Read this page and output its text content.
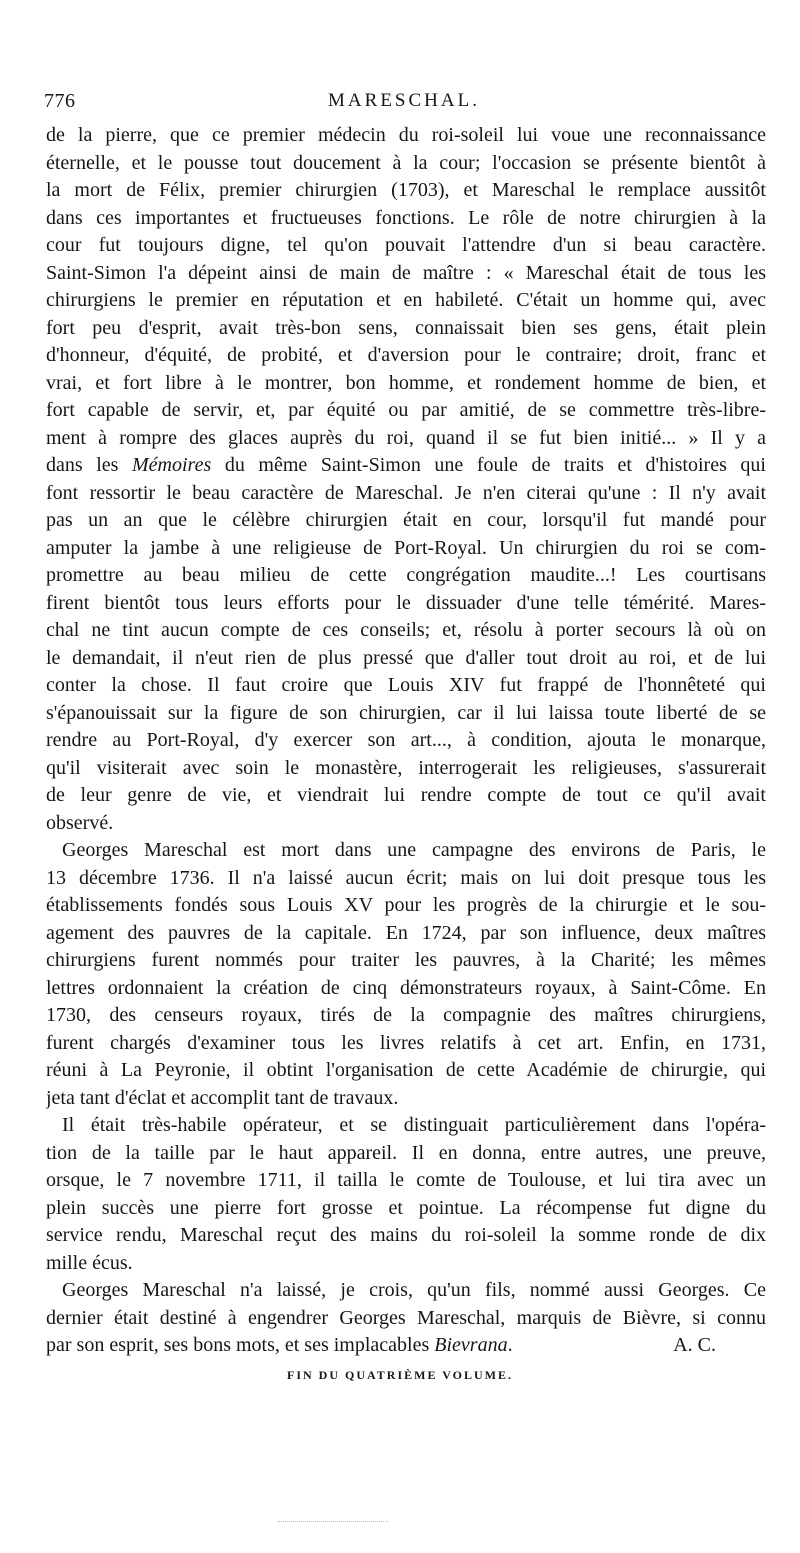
776	MARESCHAL.
de la pierre, que ce premier médecin du roi-soleil lui voue une reconnaissance
éternelle, et le pousse tout doucement à la cour; l'occasion se présente bientôt à
la mort de Félix, premier chirurgien (1703), et Mareschal le remplace aussitôt
dans ces importantes et fructueuses fonctions. Le rôle de notre chirurgien à la
cour fut toujours digne, tel qu'on pouvait l'attendre d'un si beau caractère.
Saint-Simon l'a dépeint ainsi de main de maître : « Mareschal était de tous les
chirurgiens le premier en réputation et en habileté. C'était un homme qui, avec
fort peu d'esprit, avait très-bon sens, connaissait bien ses gens, était plein
d'honneur, d'équité, de probité, et d'aversion pour le contraire; droit, franc et
vrai, et fort libre à le montrer, bon homme, et rondement homme de bien, et
fort capable de servir, et, par équité ou par amitié, de se commettre très-libre-
ment à rompre des glaces auprès du roi, quand il se fut bien initié... » Il y a
dans les Mémoires du même Saint-Simon une foule de traits et d'histoires qui
font ressortir le beau caractère de Mareschal. Je n'en citerai qu'une : Il n'y avait
pas un an que le célèbre chirurgien était en cour, lorsqu'il fut mandé pour
amputer la jambe à une religieuse de Port-Royal. Un chirurgien du roi se com-
promettre au beau milieu de cette congrégation maudite...! Les courtisans
firent bientôt tous leurs efforts pour le dissuader d'une telle témérité. Mares-
chal ne tint aucun compte de ces conseils; et, résolu à porter secours là où on
le demandait, il n'eut rien de plus pressé que d'aller tout droit au roi, et de lui
conter la chose. Il faut croire que Louis XIV fut frappé de l'honnêteté qui
s'épanouissait sur la figure de son chirurgien, car il lui laissa toute liberté de se
rendre au Port-Royal, d'y exercer son art..., à condition, ajouta le monarque,
qu'il visiterait avec soin le monastère, interrogerait les religieuses, s'assurerait
de leur genre de vie, et viendrait lui rendre compte de tout ce qu'il avait
observé.
Georges Mareschal est mort dans une campagne des environs de Paris, le
13 décembre 1736. Il n'a laissé aucun écrit; mais on lui doit presque tous les
établissements fondés sous Louis XV pour les progrès de la chirurgie et le sou-
agement des pauvres de la capitale. En 1724, par son influence, deux maîtres
chirurgiens furent nommés pour traiter les pauvres, à la Charité; les mêmes
lettres ordonnaient la création de cinq démonstrateurs royaux, à Saint-Côme. En
1730, des censeurs royaux, tirés de la compagnie des maîtres chirurgiens,
furent chargés d'examiner tous les livres relatifs à cet art. Enfin, en 1731,
réuni à La Peyronie, il obtint l'organisation de cette Académie de chirurgie, qui
jeta tant d'éclat et accomplit tant de travaux.
Il était très-habile opérateur, et se distinguait particulièrement dans l'opéra-
tion de la taille par le haut appareil. Il en donna, entre autres, une preuve,
orsque, le 7 novembre 1711, il tailla le comte de Toulouse, et lui tira avec un
plein succès une pierre fort grosse et pointue. La récompense fut digne du
service rendu, Mareschal reçut des mains du roi-soleil la somme ronde de dix
mille écus.
Georges Mareschal n'a laissé, je crois, qu'un fils, nommé aussi Georges. Ce
dernier était destiné à engendrer Georges Mareschal, marquis de Bièvre, si connu
par son esprit, ses bons mots, et ses implacables Bievrana.	A. C.
FIN DU QUATRIÈME VOLUME.
